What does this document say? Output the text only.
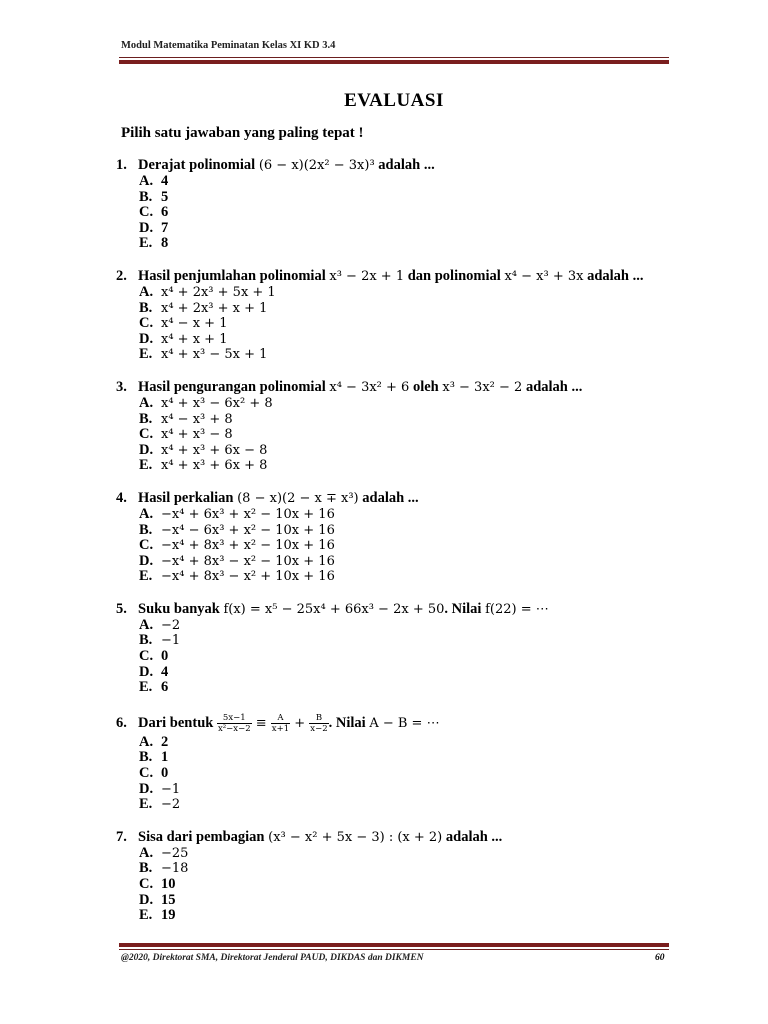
Modul Matematika Peminatan Kelas XI KD 3.4
EVALUASI
Pilih satu jawaban yang paling tepat !
1. Derajat polinomial (6 − x)(2x² − 3x)³ adalah ...
A. 4
B. 5
C. 6
D. 7
E. 8
2. Hasil penjumlahan polinomial x³ − 2x + 1 dan polinomial x⁴ − x³ + 3x adalah ...
A. x⁴ + 2x³ + 5x + 1
B. x⁴ + 2x³ + x + 1
C. x⁴ − x + 1
D. x⁴ + x + 1
E. x⁴ + x³ − 5x + 1
3. Hasil pengurangan polinomial x⁴ − 3x² + 6 oleh x³ − 3x² − 2 adalah ...
A. x⁴ + x³ − 6x² + 8
B. x⁴ − x³ + 8
C. x⁴ + x³ − 8
D. x⁴ + x³ + 6x − 8
E. x⁴ + x³ + 6x + 8
4. Hasil perkalian (8 − x)(2 − x ∓ x³) adalah ...
A. −x⁴ + 6x³ + x² − 10x + 16
B. −x⁴ − 6x³ + x² − 10x + 16
C. −x⁴ + 8x³ + x² − 10x + 16
D. −x⁴ + 8x³ − x² − 10x + 16
E. −x⁴ + 8x³ − x² + 10x + 16
5. Suku banyak f(x) = x⁵ − 25x⁴ + 66x³ − 2x + 50. Nilai f(22) = ⋯
A. −2
B. −1
C. 0
D. 4
E. 6
6. Dari bentuk $\frac{5x-1}{\text{x²−x−2}} \equiv \frac{A}{x+1} + \frac{B}{x-2}$ . Nilai A − B = ⋯
A. 2
B. 1
C. 0
D. −1
E. −2
7. Sisa dari pembagian (x³ − x² + 5x − 3) : (x + 2) adalah ...
A. −25
B. −18
C. 10
D. 15
E. 19
@2020, Direktorat SMA, Direktorat Jenderal PAUD, DIKDAS dan DIKMEN	60
